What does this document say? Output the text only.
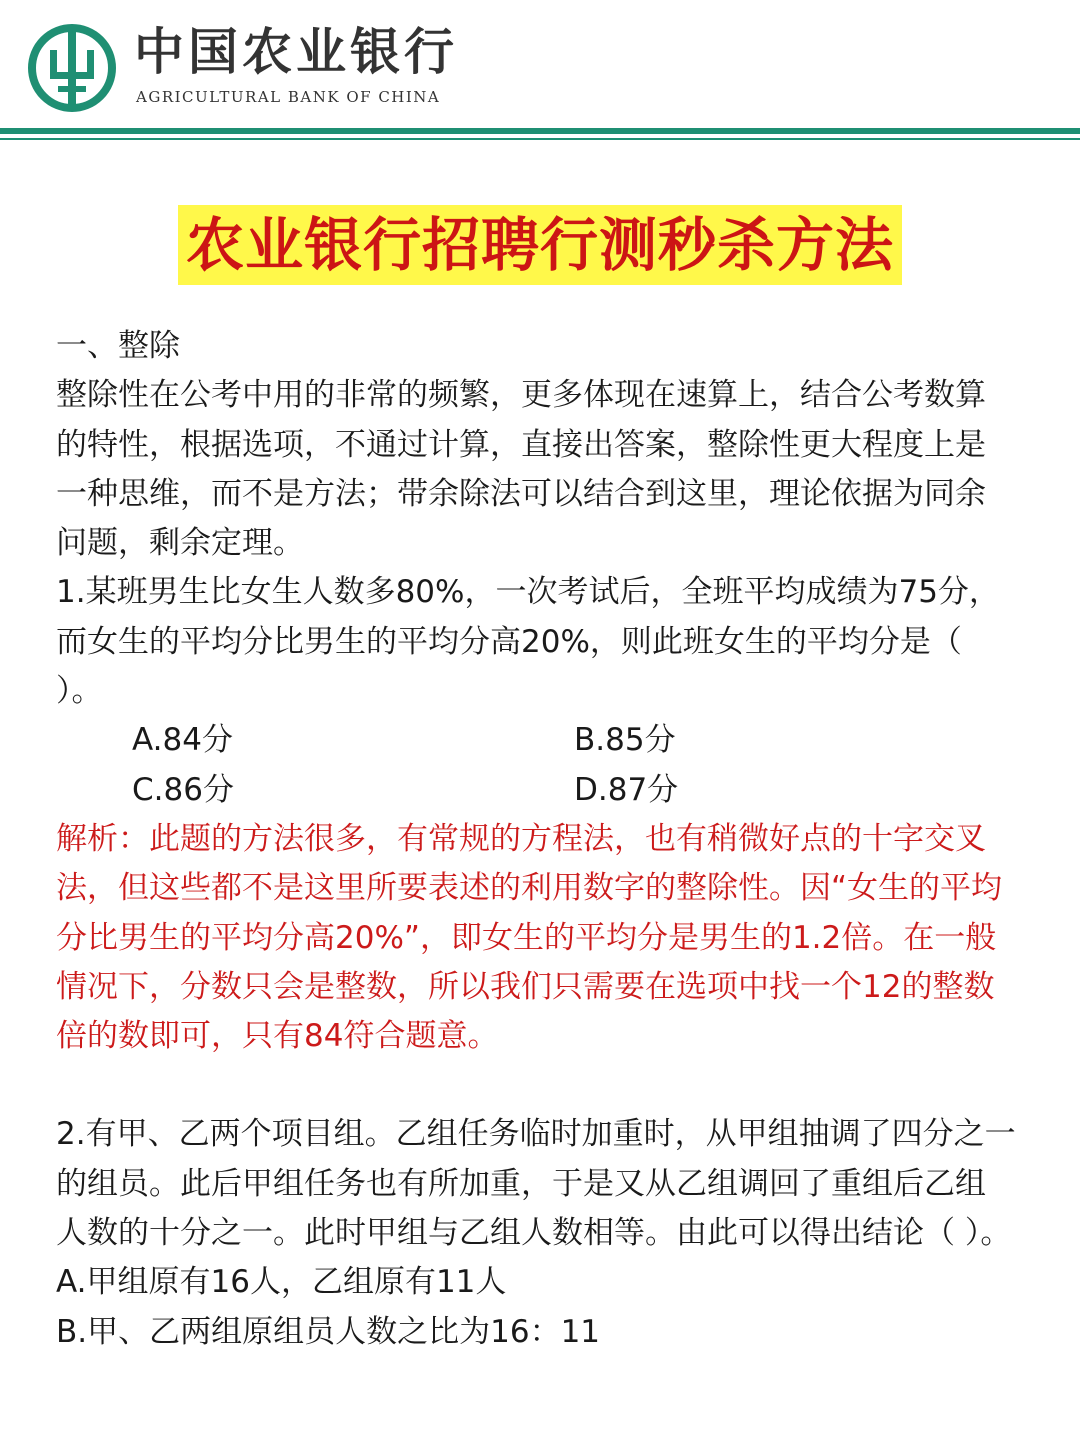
中国农业银行
AGRICULTURAL BANK OF CHINA
农业银行招聘行测秒杀方法

一、整除

整除性在公考中用的非常的频繁，更多体现在速算上，结合公考数算的特性，根据选项，不通过计算，直接出答案，整除性更大程度上是一种思维，而不是方法；带余除法可以结合到这里，理论依据为同余问题，剩余定理。

1.某班男生比女生人数多80%，一次考试后，全班平均成绩为75分，而女生的平均分比男生的平均分高20%，则此班女生的平均分是（ ）。

A.84分	B.85分
C.86分	D.87分

解析：此题的方法很多，有常规的方程法，也有稍微好点的十字交叉法，但这些都不是这里所要表述的利用数字的整除性。因“女生的平均分比男生的平均分高20%”，即女生的平均分是男生的1.2倍。在一般情况下，分数只会是整数，所以我们只需要在选项中找一个12的整数倍的数即可，只有84符合题意。

2.有甲、乙两个项目组。乙组任务临时加重时，从甲组抽调了四分之一的组员。此后甲组任务也有所加重，于是又从乙组调回了重组后乙组人数的十分之一。此时甲组与乙组人数相等。由此可以得出结论（ ）。

A.甲组原有16人，乙组原有11人

B.甲、乙两组原组员人数之比为16：11
